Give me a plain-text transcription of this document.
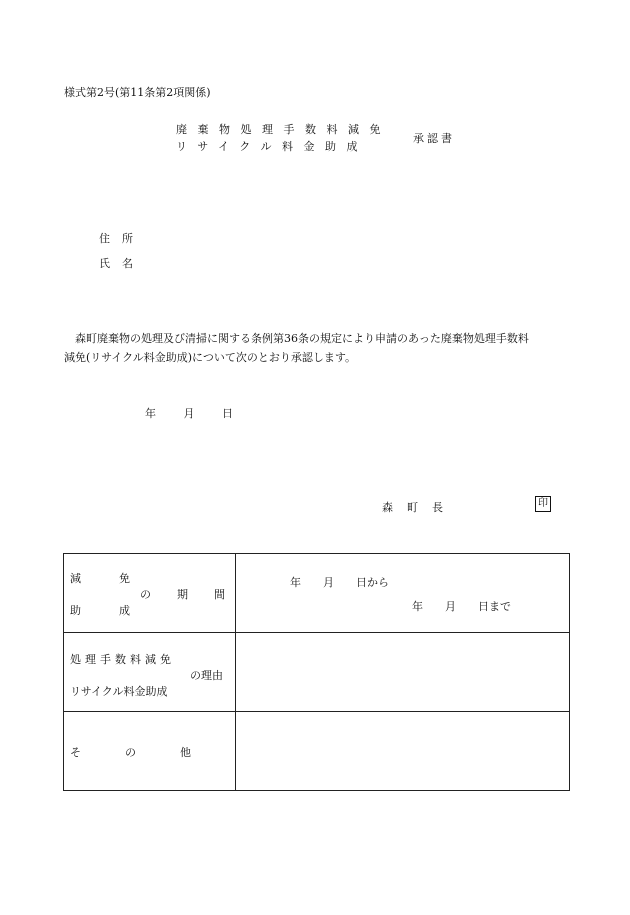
様式第2号(第11条第2項関係)
廃棄物処理手数料減免
リサイクル料金助成
承認書
住所
氏名
森町廃棄物の処理及び清掃に関する条例第36条の規定により申請のあった廃棄物処理手数料
減免(リサイクル料金助成)について次のとおり承認します。
年 月 日
森町長	印
減免
の期間
助成	年　　月　　日から
年　　月　　日まで

処理手数料減免
の理由
リサイクル料金助成	

そ　　　　の　　　　他	
